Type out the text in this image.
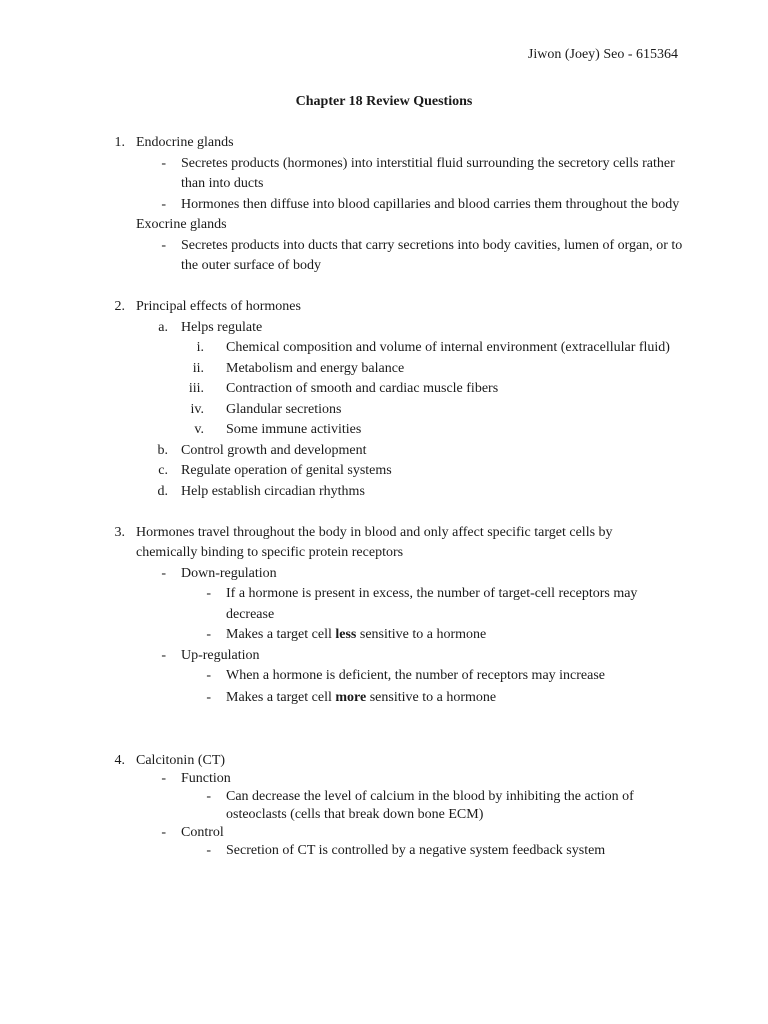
Jiwon (Joey) Seo - 615364
Chapter 18 Review Questions
1. Endocrine glands
- Secretes products (hormones) into interstitial fluid surrounding the secretory cells rather than into ducts
- Hormones then diffuse into blood capillaries and blood carries them throughout the body
Exocrine glands
- Secretes products into ducts that carry secretions into body cavities, lumen of organ, or to the outer surface of body
2. Principal effects of hormones
a. Helps regulate
i. Chemical composition and volume of internal environment (extracellular fluid)
ii. Metabolism and energy balance
iii. Contraction of smooth and cardiac muscle fibers
iv. Glandular secretions
v. Some immune activities
b. Control growth and development
c. Regulate operation of genital systems
d. Help establish circadian rhythms
3. Hormones travel throughout the body in blood and only affect specific target cells by chemically binding to specific protein receptors
- Down-regulation
- If a hormone is present in excess, the number of target-cell receptors may decrease
- Makes a target cell less sensitive to a hormone
- Up-regulation
- When a hormone is deficient, the number of receptors may increase
- Makes a target cell more sensitive to a hormone
4. Calcitonin (CT)
- Function
- Can decrease the level of calcium in the blood by inhibiting the action of osteoclasts (cells that break down bone ECM)
- Control
- Secretion of CT is controlled by a negative system feedback system
